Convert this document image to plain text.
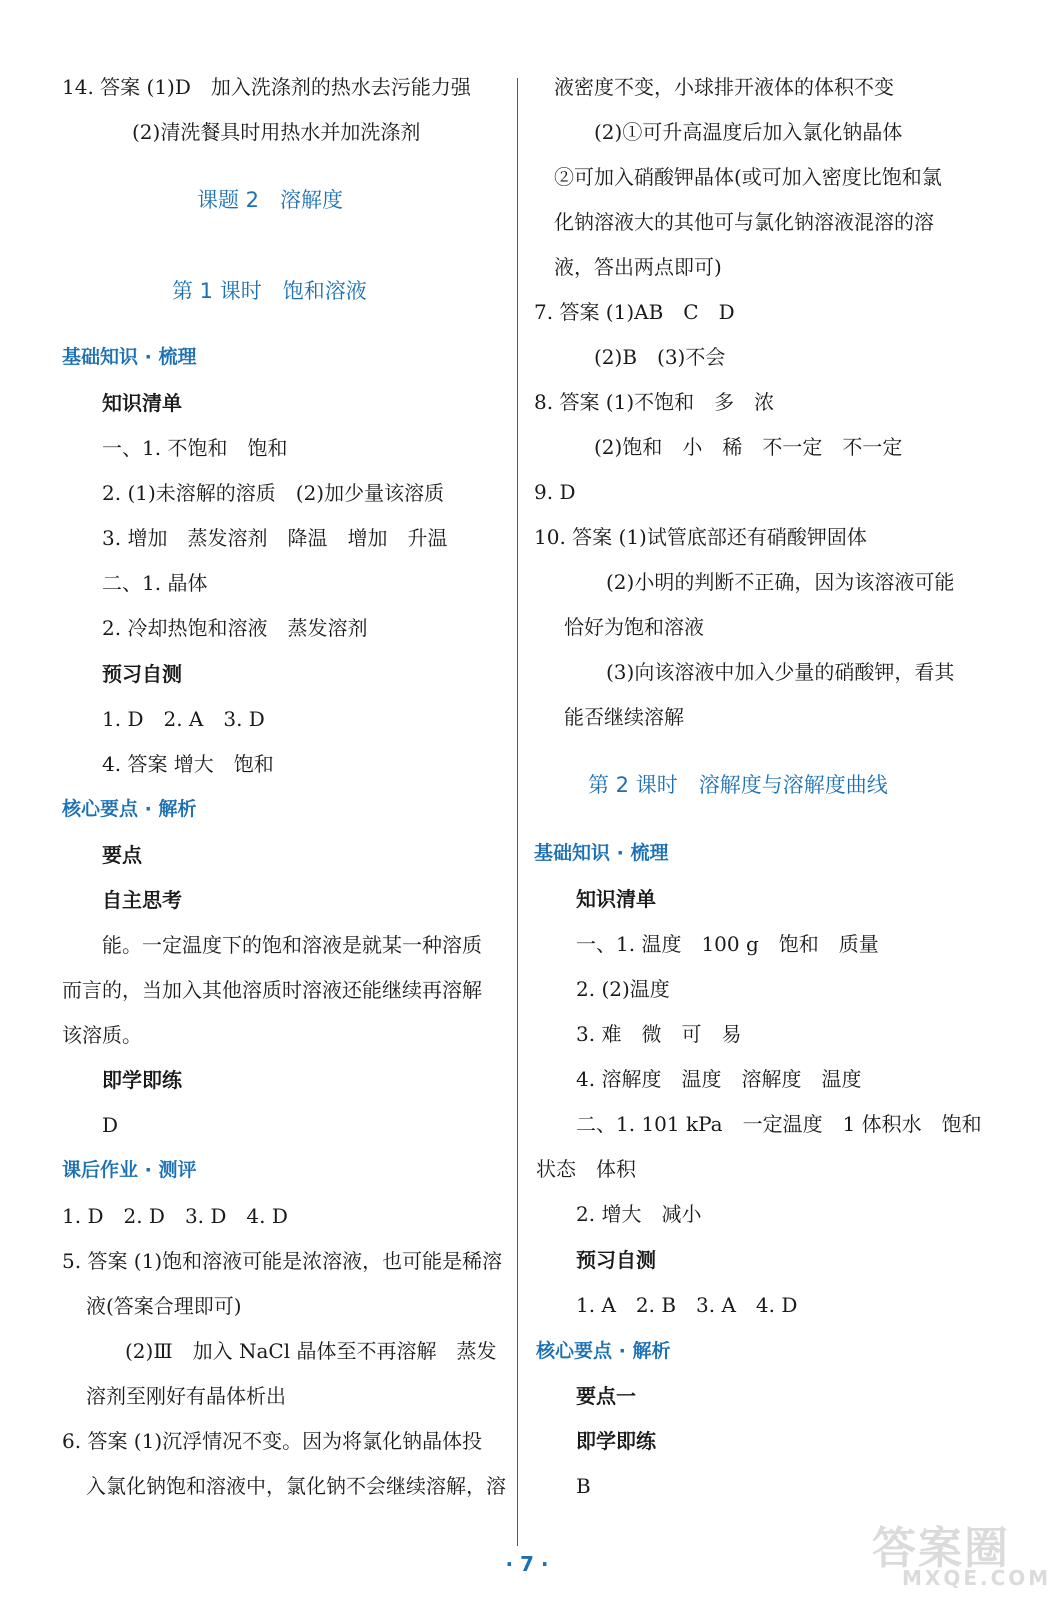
14. 答案 (1)D　加入洗涤剂的热水去污能力强
(2)清洗餐具时用热水并加洗涤剂
课题 2　溶解度
第 1 课时　饱和溶液
基础知识 · 梳理
知识清单
一、1. 不饱和　饱和
2. (1)未溶解的溶质　(2)加少量该溶质
3. 增加　蒸发溶剂　降温　增加　升温
二、1. 晶体
2. 冷却热饱和溶液　蒸发溶剂
预习自测
1. D　2. A　3. D
4. 答案 增大　饱和
核心要点 · 解析
要点
自主思考
能。一定温度下的饱和溶液是就某一种溶质
而言的，当加入其他溶质时溶液还能继续再溶解
该溶质。
即学即练
D
课后作业 · 测评
1. D　2. D　3. D　4. D
5. 答案 (1)饱和溶液可能是浓溶液，也可能是稀溶
液(答案合理即可)
(2)Ⅲ　加入 NaCl 晶体至不再溶解　蒸发
溶剂至刚好有晶体析出
6. 答案 (1)沉浮情况不变。因为将氯化钠晶体投
入氯化钠饱和溶液中，氯化钠不会继续溶解，溶
液密度不变，小球排开液体的体积不变
(2)①可升高温度后加入氯化钠晶体
②可加入硝酸钾晶体(或可加入密度比饱和氯
化钠溶液大的其他可与氯化钠溶液混溶的溶
液，答出两点即可)
7. 答案 (1)AB　C　D
(2)B　(3)不会
8. 答案 (1)不饱和　多　浓
(2)饱和　小　稀　不一定　不一定
9. D
10. 答案 (1)试管底部还有硝酸钾固体
(2)小明的判断不正确，因为该溶液可能
恰好为饱和溶液
(3)向该溶液中加入少量的硝酸钾，看其
能否继续溶解
第 2 课时　溶解度与溶解度曲线
基础知识 · 梳理
知识清单
一、1. 温度　100 g　饱和　质量
2. (2)温度
3. 难　微　可　易
4. 溶解度　温度　溶解度　温度
二、1. 101 kPa　一定温度　1 体积水　饱和
状态　体积
2. 增大　减小
预习自测
1. A　2. B　3. A　4. D
核心要点 · 解析
要点一
即学即练
B
· 7 ·	答案圈
MXQE.COM
